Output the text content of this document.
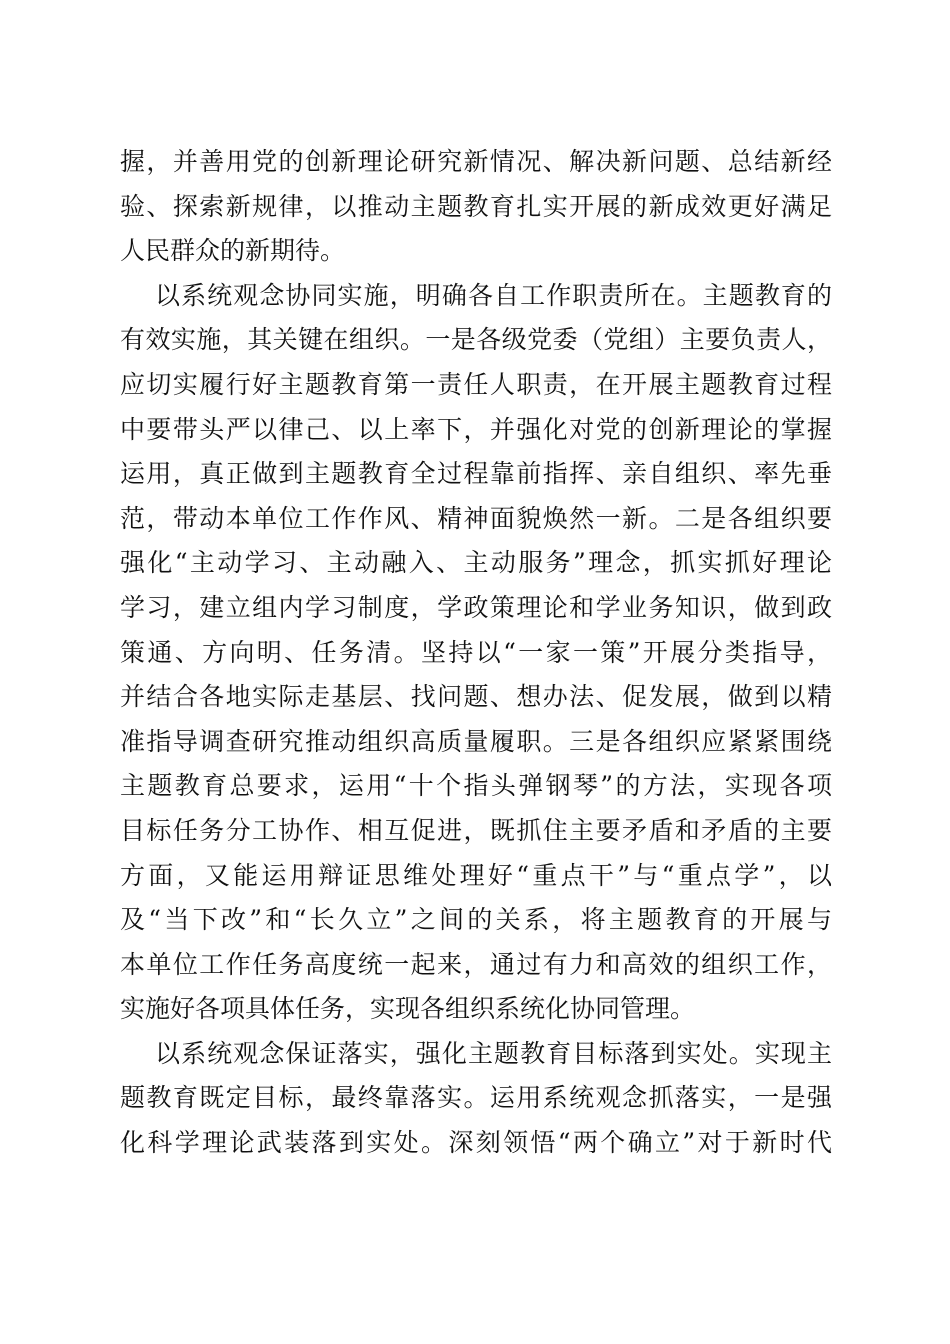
握，并善用党的创新理论研究新情况、解决新问题、总结新经
验、探索新规律，以推动主题教育扎实开展的新成效更好满足
人民群众的新期待。
以系统观念协同实施，明确各自工作职责所在。主题教育的
有效实施，其关键在组织。一是各级党委（党组）主要负责人，
应切实履行好主题教育第一责任人职责，在开展主题教育过程
中要带头严以律己、以上率下，并强化对党的创新理论的掌握
运用，真正做到主题教育全过程靠前指挥、亲自组织、率先垂
范，带动本单位工作作风、精神面貌焕然一新。二是各组织要
强化“主动学习、主动融入、主动服务”理念，抓实抓好理论
学习，建立组内学习制度，学政策理论和学业务知识，做到政
策通、方向明、任务清。坚持以“一家一策”开展分类指导，
并结合各地实际走基层、找问题、想办法、促发展，做到以精
准指导调查研究推动组织高质量履职。三是各组织应紧紧围绕
主题教育总要求，运用“十个指头弹钢琴”的方法，实现各项
目标任务分工协作、相互促进，既抓住主要矛盾和矛盾的主要
方面，又能运用辩证思维处理好“重点干”与“重点学”，以
及“当下改”和“长久立”之间的关系，将主题教育的开展与
本单位工作任务高度统一起来，通过有力和高效的组织工作，
实施好各项具体任务，实现各组织系统化协同管理。
以系统观念保证落实，强化主题教育目标落到实处。实现主
题教育既定目标，最终靠落实。运用系统观念抓落实，一是强
化科学理论武装落到实处。深刻领悟“两个确立”对于新时代
